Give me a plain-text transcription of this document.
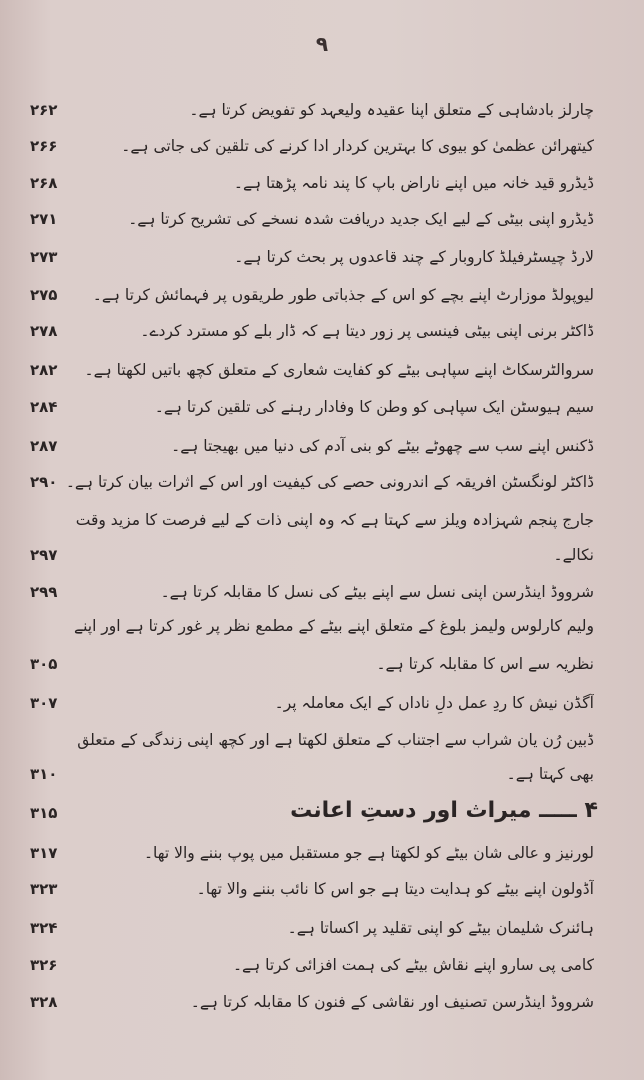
۹
چارلز بادشاہی کے متعلق اپنا عقیدہ ولیعہد کو تفویض کرتا ہے۔
۲۶۲
کیتھرائن عظمیٰ کو بیوی کا بہترین کردار ادا کرنے کی تلقین کی جاتی ہے۔
۲۶۶
ڈیڈرو قید خانہ میں اپنے ناراض باپ کا پند نامہ پڑھتا ہے۔
۲۶۸
ڈیڈرو اپنی بیٹی کے لیے ایک جدید دریافت شدہ نسخے کی تشریح کرتا ہے۔
۲۷۱
لارڈ چیسٹرفیلڈ کاروبار کے چند قاعدوں پر بحث کرتا ہے۔
۲۷۳
لیوپولڈ موزارٹ اپنے بچے کو اس کے جذباتی طور طریقوں پر فہمائش کرتا ہے۔
۲۷۵
ڈاکٹر برنی اپنی بیٹی فینسی پر زور دیتا ہے کہ ڈار بلے کو مسترد کردے۔
۲۷۸
سروالٹرسکاٹ اپنے سپاہی بیٹے کو کفایت شعاری کے متعلق کچھ باتیں لکھتا ہے۔
۲۸۲
سیم ہیوسٹن ایک سپاہی کو وطن کا وفادار رہنے کی تلقین کرتا ہے۔
۲۸۴
ڈکنس اپنے سب سے چھوٹے بیٹے کو بنی آدم کی دنیا میں بھیجتا ہے۔
۲۸۷
ڈاکٹر لونگسٹن افریقہ کے اندرونی حصے کی کیفیت اور اس کے اثرات بیان کرتا ہے۔
۲۹۰
جارج پنجم شہزادہ ویلز سے کہتا ہے کہ وہ اپنی ذات کے لیے فرصت کا مزید وقت
نکالے۔
۲۹۷
شرووڈ اینڈرسن اپنی نسل سے اپنے بیٹے کی نسل کا مقابلہ کرتا ہے۔
۲۹۹
ولیم کارلوس ولیمز بلوغ کے متعلق اپنے بیٹے کے مطمع نظر پر غور کرتا ہے اور اپنے
نظریہ سے اس کا مقابلہ کرتا ہے۔
۳۰۵
آگڈن نیش کا ردِ عمل دلِ ناداں کے ایک معاملہ پر۔
۳۰۷
ڈبین رُن یان شراب سے اجتناب کے متعلق لکھتا ہے اور کچھ اپنی زندگی کے متعلق
بھی کہتا ہے۔
۳۱۰
لورنیز و عالی شان بیٹے کو لکھتا ہے جو مستقبل میں پوپ بننے والا تھا۔
۳۱۷
آڈولون اپنے بیٹے کو ہدایت دیتا ہے جو اس کا نائب بننے والا تھا۔
۳۲۳
ہائنرک شلیمان بیٹے کو اپنی تقلید پر اکساتا ہے۔
۳۲۴
کامی پی سارو اپنے نقاش بیٹے کی ہمت افزائی کرتا ہے۔
۳۲۶
شرووڈ اینڈرسن تصنیف اور نقاشی کے فنون کا مقابلہ کرتا ہے۔
۳۲۸
۴ ـــــ میراث اور دستِ اعانت
۳۱۵
